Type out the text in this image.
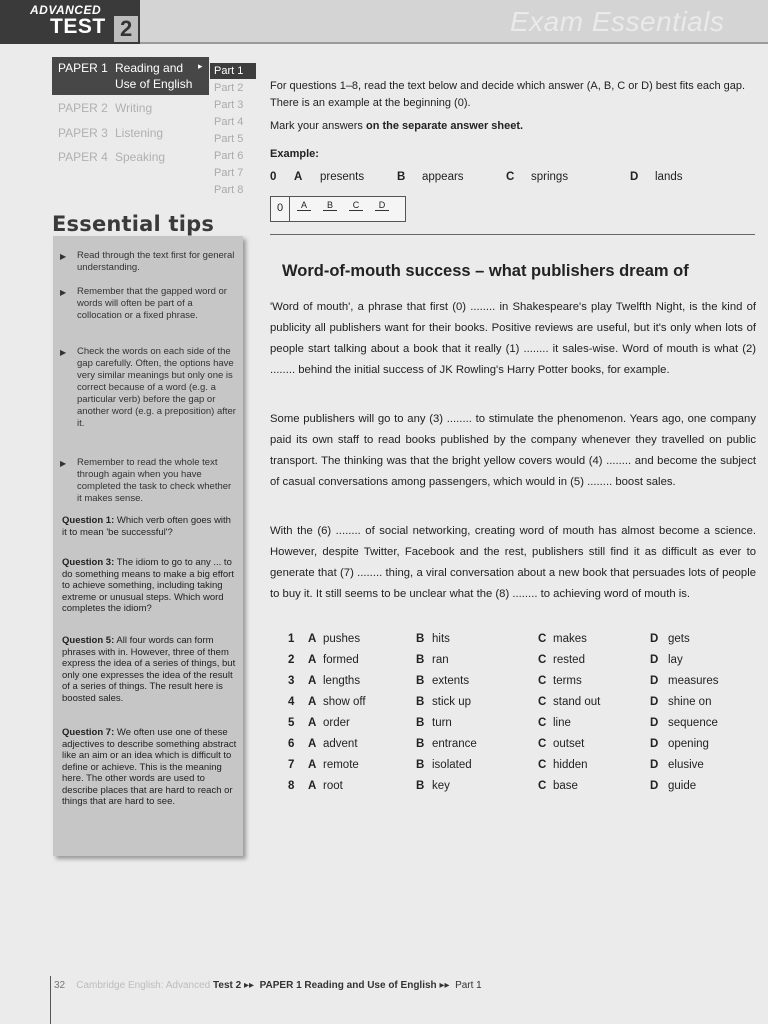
ADVANCED
TEST 2	Exam Essentials
PAPER 1 Reading and Use of English
▸
PAPER 2 Writing
PAPER 3 Listening
PAPER 4 Speaking
Part 1
Part 2
Part 3
Part 4
Part 5
Part 6
Part 7
Part 8
Essential tips
▶ Read through the text first for general understanding.
▶ Remember that the gapped word or words will often be part of a collocation or a fixed phrase.
▶ Check the words on each side of the gap carefully. Often, the options have very similar meanings but only one is correct because of a word (e.g. a particular verb) before the gap or another word (e.g. a preposition) after it.
▶ Remember to read the whole text through again when you have completed the task to check whether it makes sense.
Question 1: Which verb often goes with it to mean 'be successful'?
Question 3: The idiom to go to any ... to do something means to make a big effort to achieve something, including taking extreme or unusual steps. Which word completes the idiom?
Question 5: All four words can form phrases with in. However, three of them express the idea of a series of things, but only one expresses the idea of the result of a series of things. The result here is boosted sales.
Question 7: We often use one of these adjectives to describe something abstract like an aim or an idea which is difficult to define or achieve. This is the meaning here. The other words are used to describe places that are hard to reach or things that are hard to see.
For questions 1–8, read the text below and decide which answer (A, B, C or D) best fits each gap. There is an example at the beginning (0).
Mark your answers on the separate answer sheet.
Example:
0 A presents	B appears	C springs	D lands
0	A	B	C	D
Word-of-mouth success – what publishers dream of
'Word of mouth', a phrase that first (0) ........ in Shakespeare's play Twelfth Night, is the kind of publicity all publishers want for their books. Positive reviews are useful, but it's only when lots of people start talking about a book that it really (1) ........ it sales-wise. Word of mouth is what (2) ........ behind the initial success of JK Rowling's Harry Potter books, for example.
Some publishers will go to any (3) ........ to stimulate the phenomenon. Years ago, one company paid its own staff to read books published by the company whenever they travelled on public transport. The thinking was that the bright yellow covers would (4) ........ and become the subject of casual conversations among passengers, which would in (5) ........ boost sales.
With the (6) ........ of social networking, creating word of mouth has almost become a science. However, despite Twitter, Facebook and the rest, publishers still find it as difficult as ever to generate that (7) ........ thing, a viral conversation about a new book that persuades lots of people to buy it. It still seems to be unclear what the (8) ........ to achieving word of mouth is.
1 A pushes	B hits	C makes	D gets
2 A formed	B ran	C rested	D lay
3 A lengths	B extents	C terms	D measures
4 A show off	B stick up	C stand out	D shine on
5 A order	B turn	C line	D sequence
6 A advent	B entrance	C outset	D opening
7 A remote	B isolated	C hidden	D elusive
8 A root	B key	C base	D guide
32 Cambridge English: Advanced Test 2 ▸▸ PAPER 1 Reading and Use of English ▸▸ Part 1
